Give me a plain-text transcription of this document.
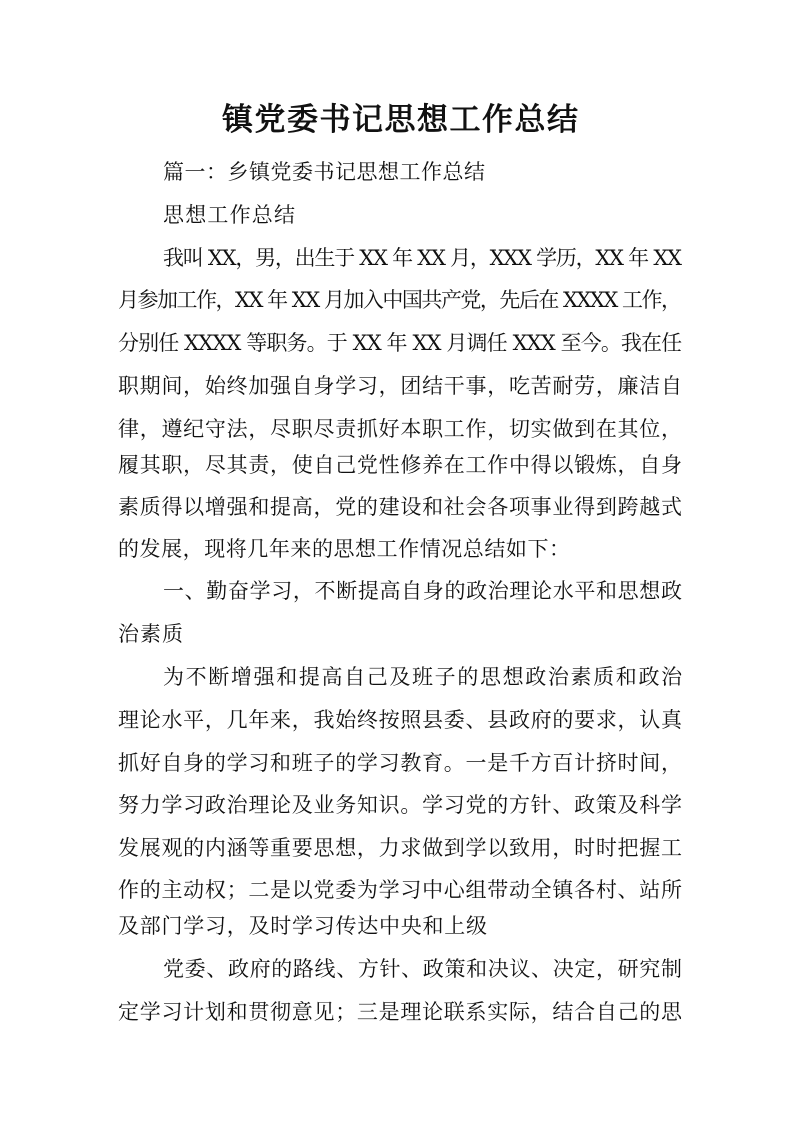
镇党委书记思想工作总结
篇一：乡镇党委书记思想工作总结
思想工作总结
我叫 XX，男，出生于 XX 年 XX 月，XXX 学历，XX 年 XX
月参加工作，XX 年 XX 月加入中国共产党，先后在 XXXX 工作，
分别任 XXXX 等职务。于 XX 年 XX 月调任 XXX 至今。我在任
职期间，始终加强自身学习，团结干事，吃苦耐劳，廉洁自
律，遵纪守法，尽职尽责抓好本职工作，切实做到在其位，
履其职，尽其责，使自己党性修养在工作中得以锻炼，自身
素质得以增强和提高，党的建设和社会各项事业得到跨越式
的发展，现将几年来的思想工作情况总结如下：
一、勤奋学习，不断提高自身的政治理论水平和思想政
治素质
为不断增强和提高自己及班子的思想政治素质和政治
理论水平，几年来，我始终按照县委、县政府的要求，认真
抓好自身的学习和班子的学习教育。一是千方百计挤时间，
努力学习政治理论及业务知识。学习党的方针、政策及科学
发展观的内涵等重要思想，力求做到学以致用，时时把握工
作的主动权；二是以党委为学习中心组带动全镇各村、站所
及部门学习，及时学习传达中央和上级
党委、政府的路线、方针、政策和决议、决定，研究制
定学习计划和贯彻意见；三是理论联系实际，结合自己的思
